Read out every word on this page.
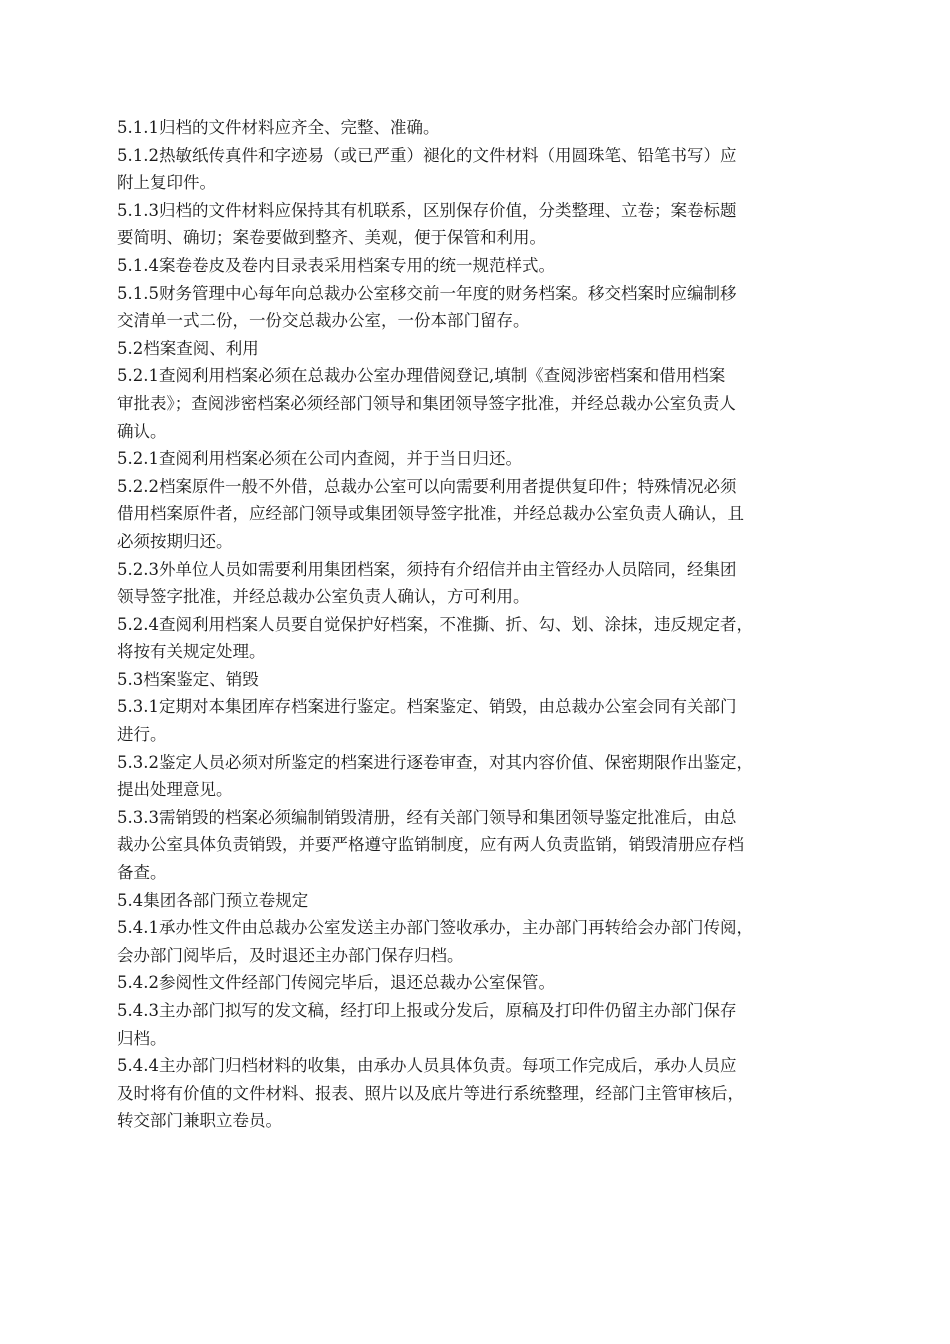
5.1.1归档的文件材料应齐全、完整、准确。

5.1.2热敏纸传真件和字迹易（或已严重）褪化的文件材料（用圆珠笔、铅笔书写）应
附上复印件。

5.1.3归档的文件材料应保持其有机联系，区别保存价值，分类整理、立卷；案卷标题
要简明、确切；案卷要做到整齐、美观，便于保管和利用。

5.1.4案卷卷皮及卷内目录表采用档案专用的统一规范样式。

5.1.5财务管理中心每年向总裁办公室移交前一年度的财务档案。移交档案时应编制移
交清单一式二份，一份交总裁办公室，一份本部门留存。

5.2档案查阅、利用

5.2.1查阅利用档案必须在总裁办公室办理借阅登记,填制《查阅涉密档案和借用档案
审批表》；查阅涉密档案必须经部门领导和集团领导签字批准，并经总裁办公室负责人
确认。

5.2.1查阅利用档案必须在公司内查阅，并于当日归还。

5.2.2档案原件一般不外借，总裁办公室可以向需要利用者提供复印件；特殊情况必须
借用档案原件者，应经部门领导或集团领导签字批准，并经总裁办公室负责人确认，且
必须按期归还。

5.2.3外单位人员如需要利用集团档案，须持有介绍信并由主管经办人员陪同，经集团
领导签字批准，并经总裁办公室负责人确认，方可利用。

5.2.4查阅利用档案人员要自觉保护好档案，不准撕、折、勾、划、涂抹，违反规定者，
将按有关规定处理。

5.3档案鉴定、销毁

5.3.1定期对本集团库存档案进行鉴定。档案鉴定、销毁，由总裁办公室会同有关部门
进行。

5.3.2鉴定人员必须对所鉴定的档案进行逐卷审查，对其内容价值、保密期限作出鉴定，
提出处理意见。

5.3.3需销毁的档案必须编制销毁清册，经有关部门领导和集团领导鉴定批准后，由总
裁办公室具体负责销毁，并要严格遵守监销制度，应有两人负责监销，销毁清册应存档
备查。

5.4集团各部门预立卷规定

5.4.1承办性文件由总裁办公室发送主办部门签收承办，主办部门再转给会办部门传阅，
会办部门阅毕后，及时退还主办部门保存归档。

5.4.2参阅性文件经部门传阅完毕后，退还总裁办公室保管。

5.4.3主办部门拟写的发文稿，经打印上报或分发后，原稿及打印件仍留主办部门保存
归档。

5.4.4主办部门归档材料的收集，由承办人员具体负责。每项工作完成后，承办人员应
及时将有价值的文件材料、报表、照片以及底片等进行系统整理，经部门主管审核后，
转交部门兼职立卷员。
